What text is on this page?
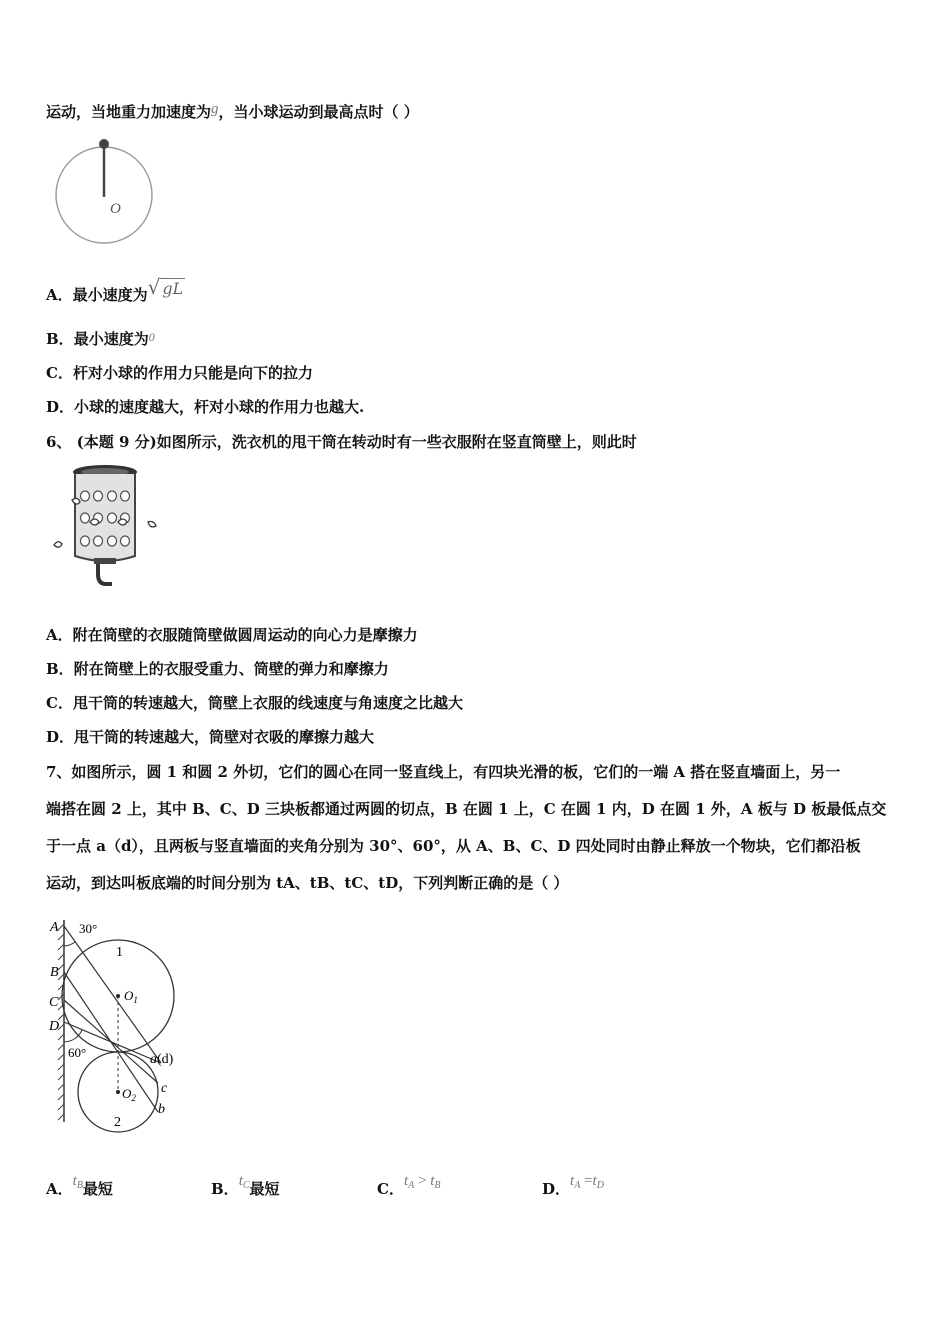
运动，当地重力加速度为g，当小球运动到最高点时（ ）
O
A．最小速度为√ gL
B．最小速度为$^0$
C．杆对小球的作用力只能是向下的拉力
D．小球的速度越大，杆对小球的作用力也越大.
6、 (本题 9 分)如图所示，洗衣机的甩干筒在转动时有一些衣服附在竖直筒壁上，则此时
A．附在筒壁的衣服随筒壁做圆周运动的向心力是摩擦力
B．附在筒壁上的衣服受重力、筒壁的弹力和摩擦力
C．甩干筒的转速越大，筒壁上衣服的线速度与角速度之比越大
D．甩干筒的转速越大，筒壁对衣吸的摩擦力越大
7、如图所示，圆 1 和圆 2 外切，它们的圆心在同一竖直线上，有四块光滑的板，它们的一端 A 搭在竖直墙面上，另一
端搭在圆 2 上，其中 B、C、D 三块板都通过两圆的切点，B 在圆 1 上，C 在圆 1 内，D 在圆 1 外，A 板与 D 板最低点交
于一点 a（d），且两板与竖直墙面的夹角分别为 30°、60°，从 A、B、C、D 四处同时由静止释放一个物块，它们都沿板
运动，到达叫板底端的时间分别为 tA、tB、tC、tD，下列判断正确的是（ ）
A
B
C
D
30°
60°
1
2
$O_1$
$O_2$
a(d)
c
b
A．$t_B$最短	B．$t_C$最短	C．$t_A > t_B$	D．$t_A =t_D$
